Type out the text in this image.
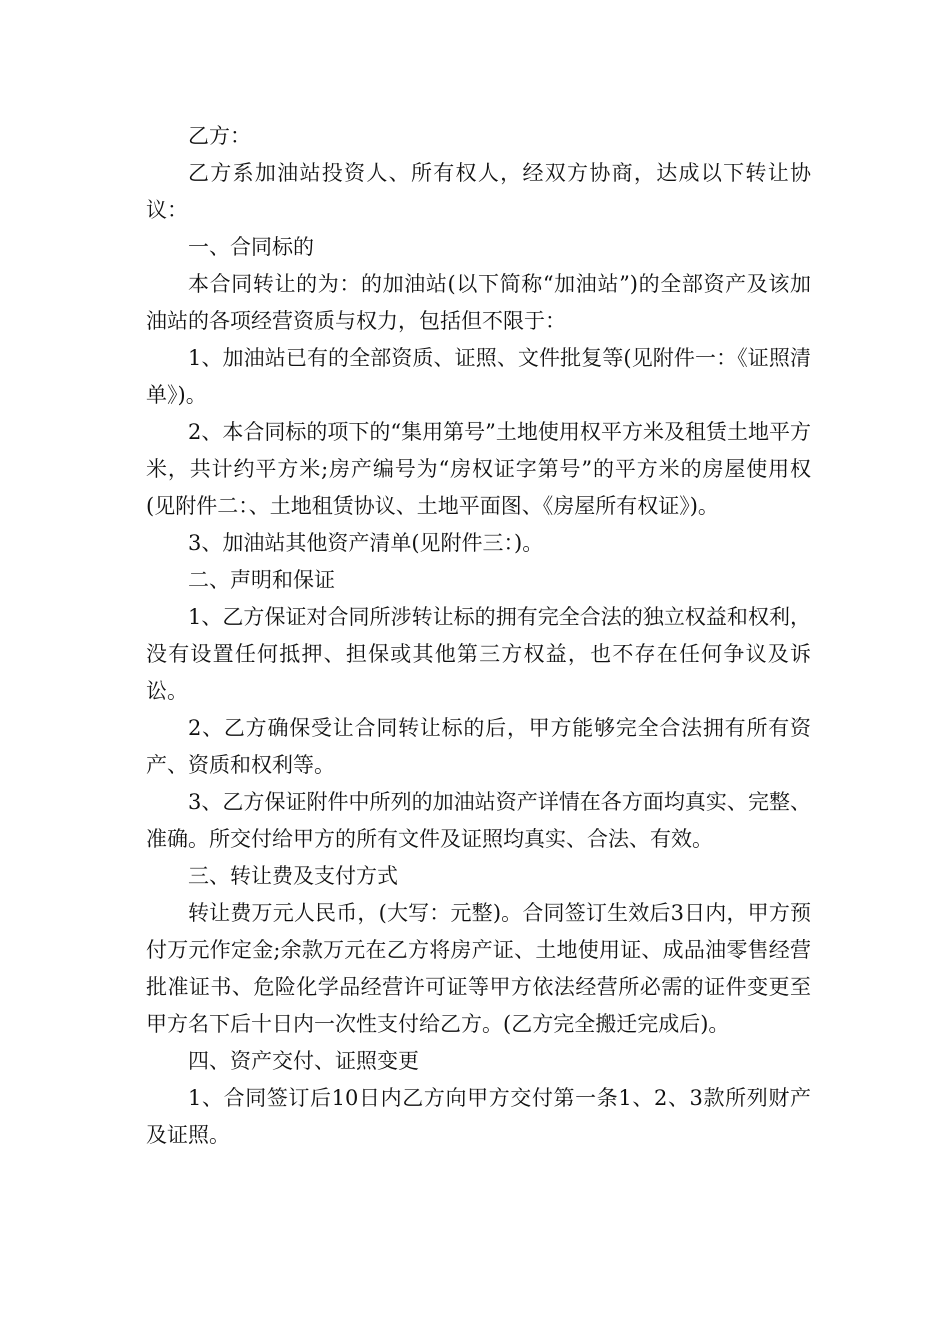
乙方：

乙方系加油站投资人、所有权人，经双方协商，达成以下转让协议：

一、合同标的

本合同转让的为：的加油站(以下简称“加油站”)的全部资产及该加油站的各项经营资质与权力，包括但不限于：

1、加油站已有的全部资质、证照、文件批复等(见附件一：《证照清单》)。

2、本合同标的项下的“集用第号”土地使用权平方米及租赁土地平方米，共计约平方米;房产编号为“房权证字第号”的平方米的房屋使用权(见附件二：、土地租赁协议、土地平面图、《房屋所有权证》)。

3、加油站其他资产清单(见附件三：)。

二、声明和保证

1、乙方保证对合同所涉转让标的拥有完全合法的独立权益和权利，没有设置任何抵押、担保或其他第三方权益，也不存在任何争议及诉讼。

2、乙方确保受让合同转让标的后，甲方能够完全合法拥有所有资产、资质和权利等。

3、乙方保证附件中所列的加油站资产详情在各方面均真实、完整、准确。所交付给甲方的所有文件及证照均真实、合法、有效。

三、转让费及支付方式

转让费万元人民币，(大写：元整)。合同签订生效后3日内，甲方预付万元作定金;余款万元在乙方将房产证、土地使用证、成品油零售经营批准证书、危险化学品经营许可证等甲方依法经营所必需的证件变更至甲方名下后十日内一次性支付给乙方。(乙方完全搬迁完成后)。

四、资产交付、证照变更

1、合同签订后10日内乙方向甲方交付第一条1、2、3款所列财产及证照。
